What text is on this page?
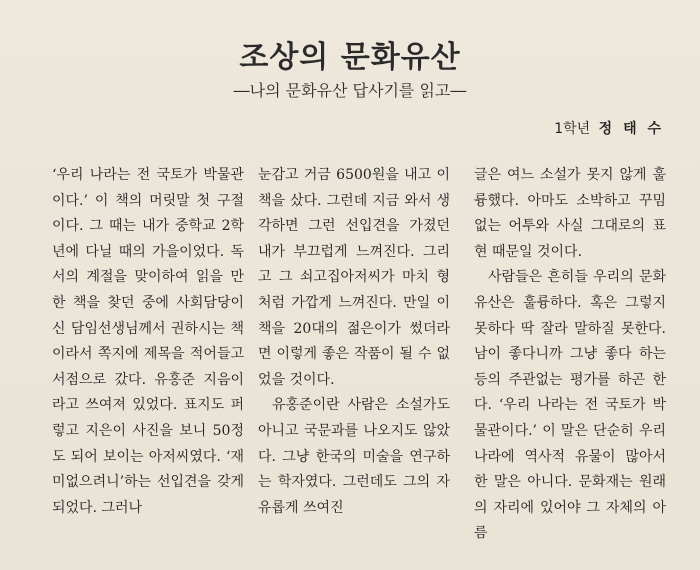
조상의 문화유산
―나의 문화유산 답사기를 읽고―
1학년 정 태 수

‘우리 나라는 전 국토가 박물관이다.’ 이 책의 머릿말 첫 구절이다. 그 때는 내가 중학교 2학년에 다닐 때의 가을이었다. 독서의 계절을 맞이하여 읽을 만한 책을 찾던 중에 사회담당이신 담임선생님께서 권하시는 책이라서 쪽지에 제목을 적어들고 서점으로 갔다. 유홍준 지음이라고 쓰여져 있었다. 표지도 퍼렇고 지은이 사진을 보니 50정도 되어 보이는 아저씨였다. ‘재미없으려니’하는 선입견을 갖게 되었다. 그러나

눈감고 거금 6500원을 내고 이 책을 샀다. 그런데 지금 와서 생각하면 그런 선입견을 가졌던 내가 부끄럽게 느껴진다. 그리고 그 쇠고집아저씨가 마치 형처럼 가깝게 느껴진다. 만일 이 책을 20대의 젊은이가 썼더라면 이렇게 좋은 작품이 될 수 없었을 것이다.

유홍준이란 사람은 소설가도 아니고 국문과를 나오지도 않았다. 그냥 한국의 미술을 연구하는 학자였다. 그런데도 그의 자유롭게 쓰여진

글은 여느 소설가 못지 않게 훌륭했다. 아마도 소박하고 꾸밈없는 어투와 사실 그대로의 표현 때문일 것이다.

사람들은 흔히들 우리의 문화유산은 훌륭하다. 혹은 그렇지 못하다 딱 잘라 말하질 못한다. 남이 좋다니까 그냥 좋다 하는 등의 주관없는 평가를 하곤 한다. ‘우리 나라는 전 국토가 박물관이다.’ 이 말은 단순히 우리 나라에 역사적 유물이 많아서 한 말은 아니다. 문화재는 원래의 자리에 있어야 그 자체의 아름
